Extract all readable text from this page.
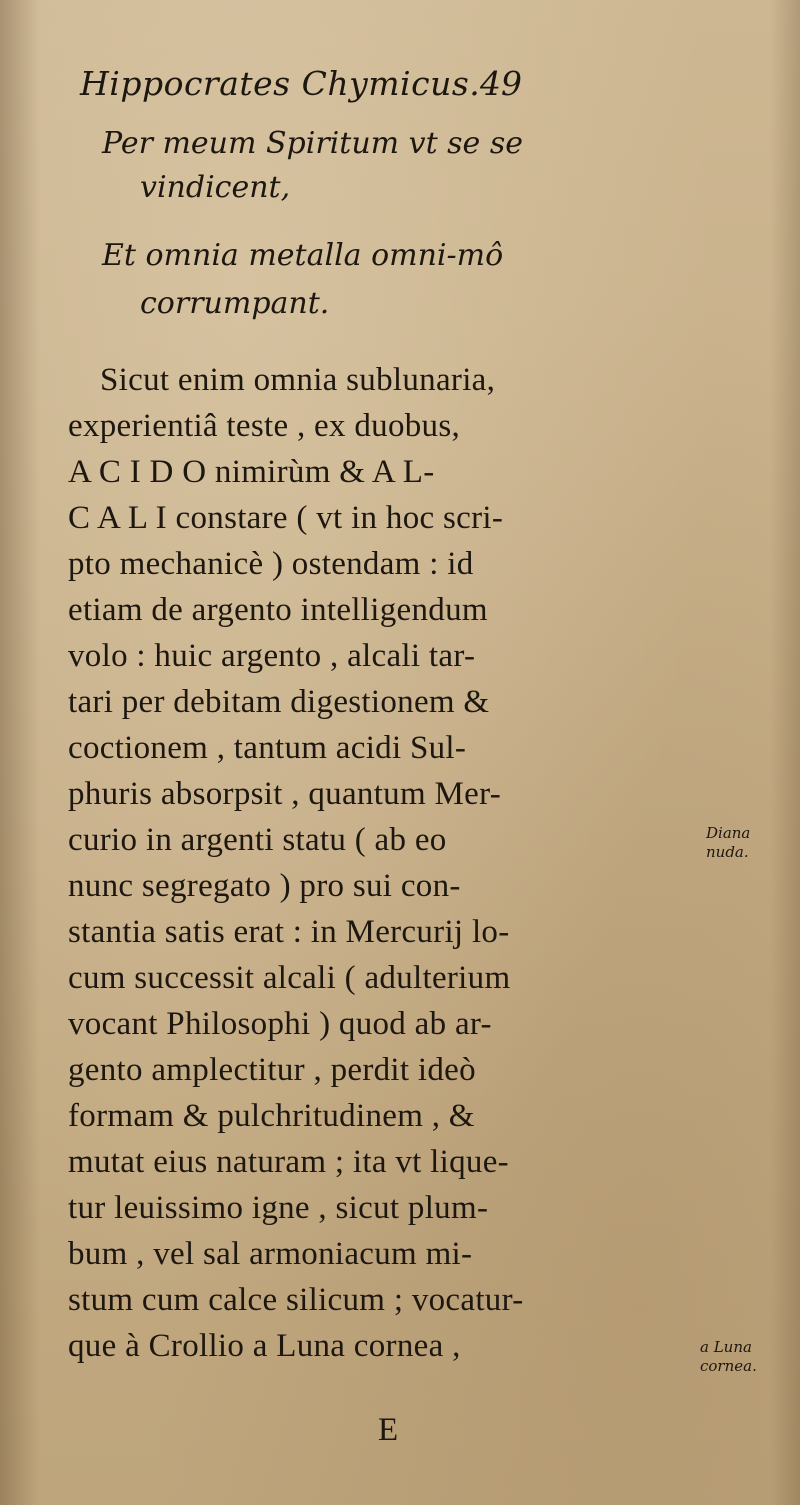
Hippocrates Chymicus. 49
Per meum Spiritum vt se se
vindicent,
Et omnia metalla omni-mô
corrumpant.
Sicut enim omnia sublunaria,
experientiâ teste , ex duobus,
A C I D O nimirùm & A L-
C A L I constare ( vt in hoc scri-
pto mechanicè ) ostendam : id
etiam de argento intelligendum
volo : huic argento , alcali tar-
tari per debitam digestionem &
coctionem , tantum acidi Sul-
phuris absorpsit , quantum Mer-
curio in argenti statu ( ab eo
nunc segregato ) pro sui con-
stantia satis erat : in Mercurij lo-
cum successit alcali ( adulterium
vocant Philosophi ) quod ab ar-
gento amplectitur , perdit ideò
formam & pulchritudinem , &
mutat eius naturam ; ita vt lique-
tur leuissimo igne , sicut plum-
bum , vel sal armoniacum mi-
stum cum calce silicum ; vocatur-
que à Crollio a Luna cornea ,
E
Diana
nuda.
a Luna
cornea.
